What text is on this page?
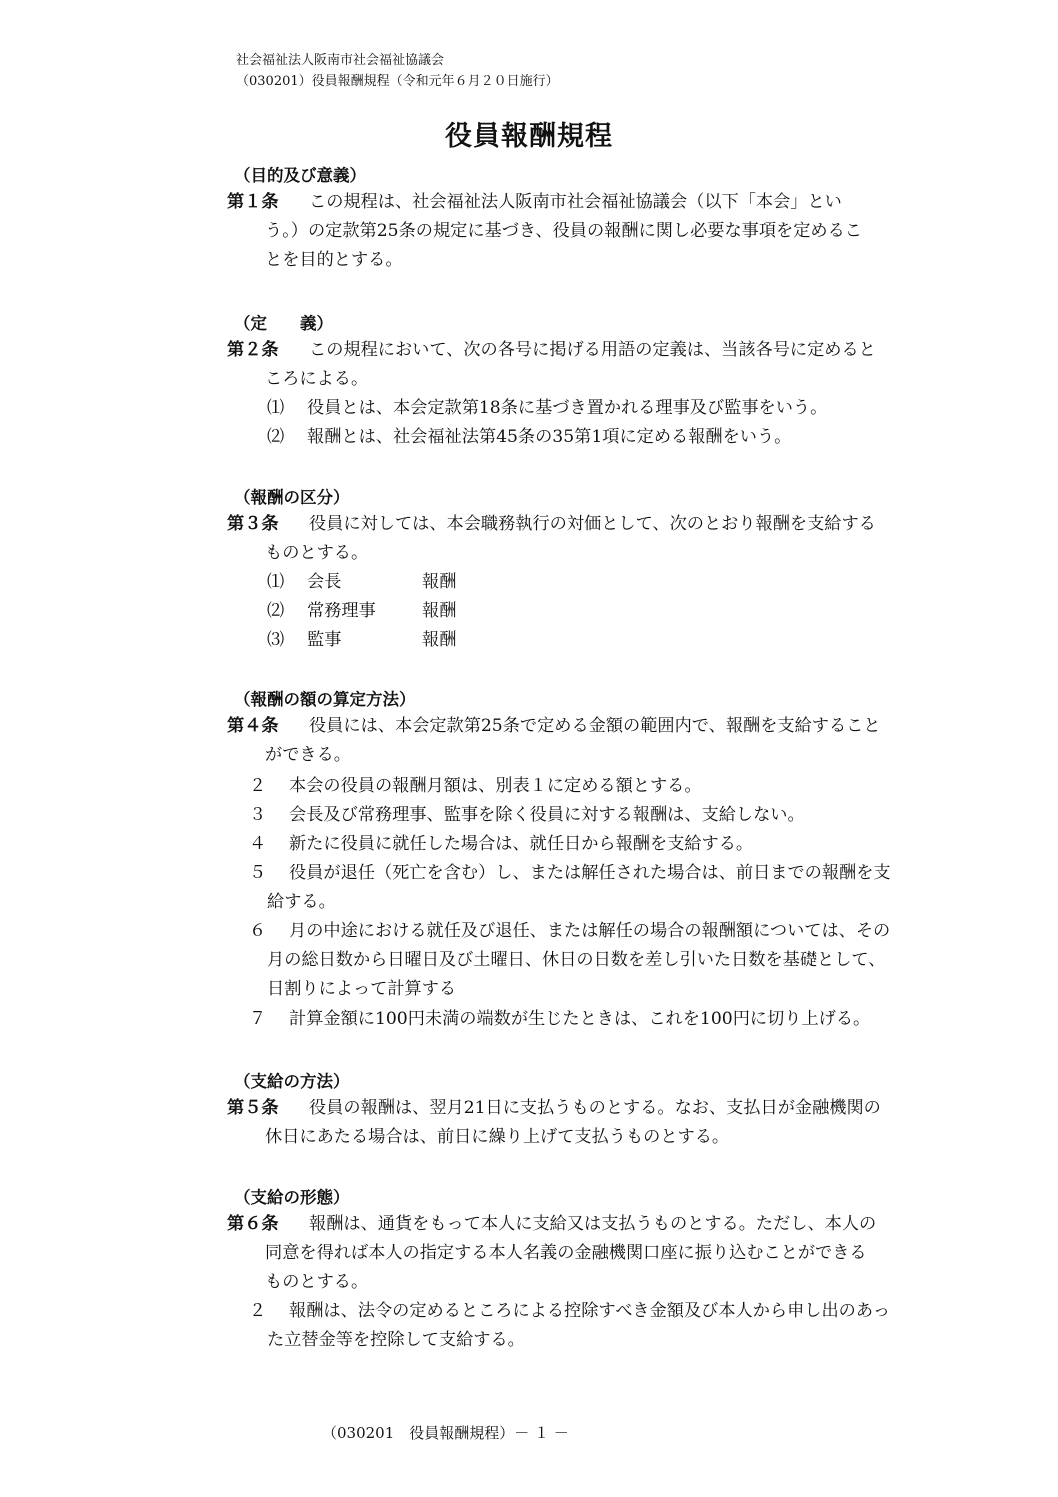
社会福祉法人阪南市社会福祉協議会
（030201）役員報酬規程（令和元年６月２０日施行）
役員報酬規程
（目的及び意義）
第１条	この規程は、社会福祉法人阪南市社会福祉協議会（以下「本会」とい
う。）の定款第25条の規定に基づき、役員の報酬に関し必要な事項を定めるこ
とを目的とする。
（定　　義）
第２条	この規程において、次の各号に掲げる用語の定義は、当該各号に定めると
ころによる。
⑴ 役員とは、本会定款第18条に基づき置かれる理事及び監事をいう。
⑵ 報酬とは、社会福祉法第45条の35第1項に定める報酬をいう。
（報酬の区分）
第３条	役員に対しては、本会職務執行の対価として、次のとおり報酬を支給する
ものとする。
⑴ 会長	報酬
⑵ 常務理事	報酬
⑶ 監事	報酬
（報酬の額の算定方法）
第４条	役員には、本会定款第25条で定める金額の範囲内で、報酬を支給すること
ができる。
２ 本会の役員の報酬月額は、別表１に定める額とする。
３ 会長及び常務理事、監事を除く役員に対する報酬は、支給しない。
４ 新たに役員に就任した場合は、就任日から報酬を支給する。
５ 役員が退任（死亡を含む）し、または解任された場合は、前日までの報酬を支
給する。
６ 月の中途における就任及び退任、または解任の場合の報酬額については、その
月の総日数から日曜日及び土曜日、休日の日数を差し引いた日数を基礎として、
日割りによって計算する
７ 計算金額に100円未満の端数が生じたときは、これを100円に切り上げる。
（支給の方法）
第５条	役員の報酬は、翌月21日に支払うものとする。なお、支払日が金融機関の
休日にあたる場合は、前日に繰り上げて支払うものとする。
（支給の形態）
第６条	報酬は、通貨をもって本人に支給又は支払うものとする。ただし、本人の
同意を得れば本人の指定する本人名義の金融機関口座に振り込むことができる
ものとする。
２ 報酬は、法令の定めるところによる控除すべき金額及び本人から申し出のあっ
た立替金等を控除して支給する。
（030201　役員報酬規程）－ １ －
